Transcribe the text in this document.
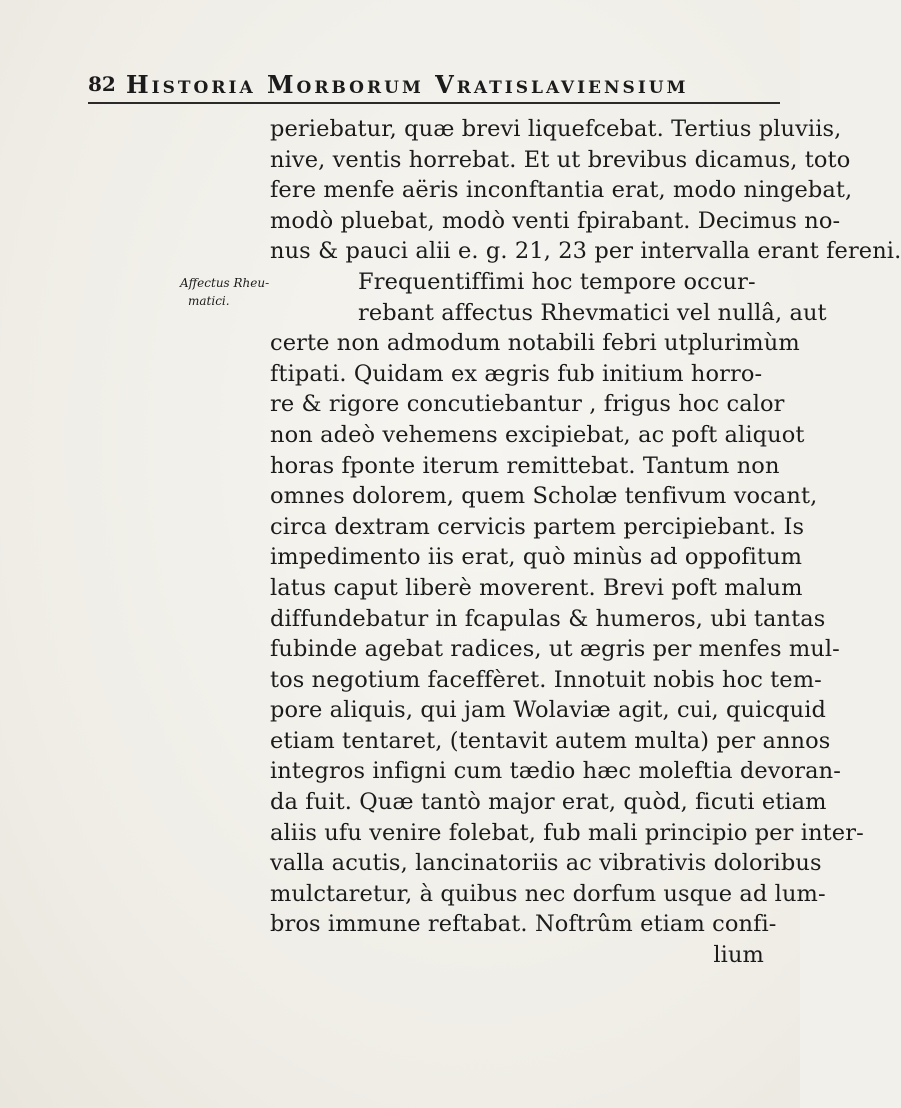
82 Historia Morborum Vratislaviensium
Affectus Rheu-
matici.
periebatur, quæ brevi liquefcebat. Tertius pluviis,
nive, ventis horrebat. Et ut brevibus dicamus, toto
fere menfe aëris inconftantia erat, modo ningebat,
modò pluebat, modò venti fpirabant. Decimus no-
nus & pauci alii e. g. 21, 23 per intervalla erant fereni.
Frequentiffimi hoc tempore occur-
rebant affectus Rhevmatici vel nullâ, aut
certe non admodum notabili febri utplurimùm
ftipati. Quidam ex ægris fub initium horro-
re & rigore concutiebantur , frigus hoc calor
non adeò vehemens excipiebat, ac poft aliquot
horas fponte iterum remittebat. Tantum non
omnes dolorem, quem Scholæ tenfivum vocant,
circa dextram cervicis partem percipiebant. Is
impedimento iis erat, quò minùs ad oppofitum
latus caput liberè moverent. Brevi poft malum
diffundebatur in fcapulas & humeros, ubi tantas
fubinde agebat radices, ut ægris per menfes mul-
tos negotium faceffèret. Innotuit nobis hoc tem-
pore aliquis, qui jam Wolaviæ agit, cui, quicquid
etiam tentaret, (tentavit autem multa) per annos
integros infigni cum tædio hæc moleftia devoran-
da fuit. Quæ tantò major erat, quòd, ficuti etiam
aliis ufu venire folebat, fub mali principio per inter-
valla acutis, lancinatoriis ac vibrativis doloribus
mulctaretur, à quibus nec dorfum usque ad lum-
bros immune reftabat. Noftrûm etiam confi-
lium
